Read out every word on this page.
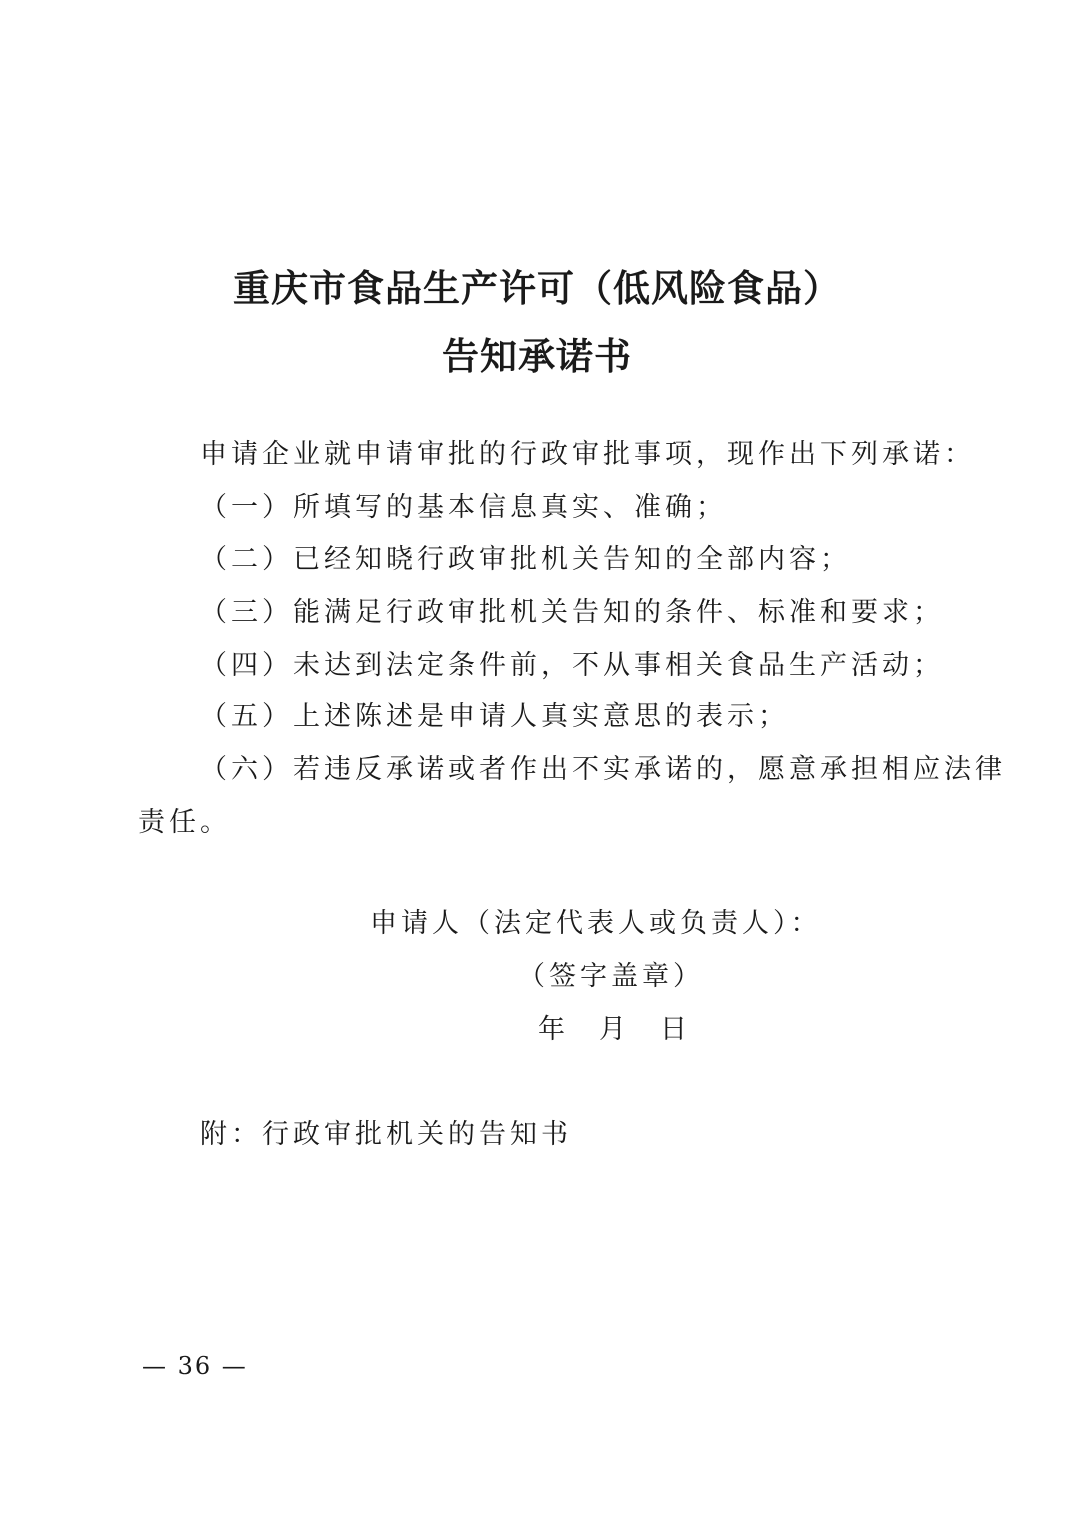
重庆市食品生产许可（低风险食品）
告知承诺书
申请企业就申请审批的行政审批事项，现作出下列承诺：
（一）所填写的基本信息真实、准确；
（二）已经知晓行政审批机关告知的全部内容；
（三）能满足行政审批机关告知的条件、标准和要求；
（四）未达到法定条件前，不从事相关食品生产活动；
（五）上述陈述是申请人真实意思的表示；
（六）若违反承诺或者作出不实承诺的，愿意承担相应法律
责任。
申请人（法定代表人或负责人）：
（签字盖章）
年 月 日
附：行政审批机关的告知书
— 36 —
